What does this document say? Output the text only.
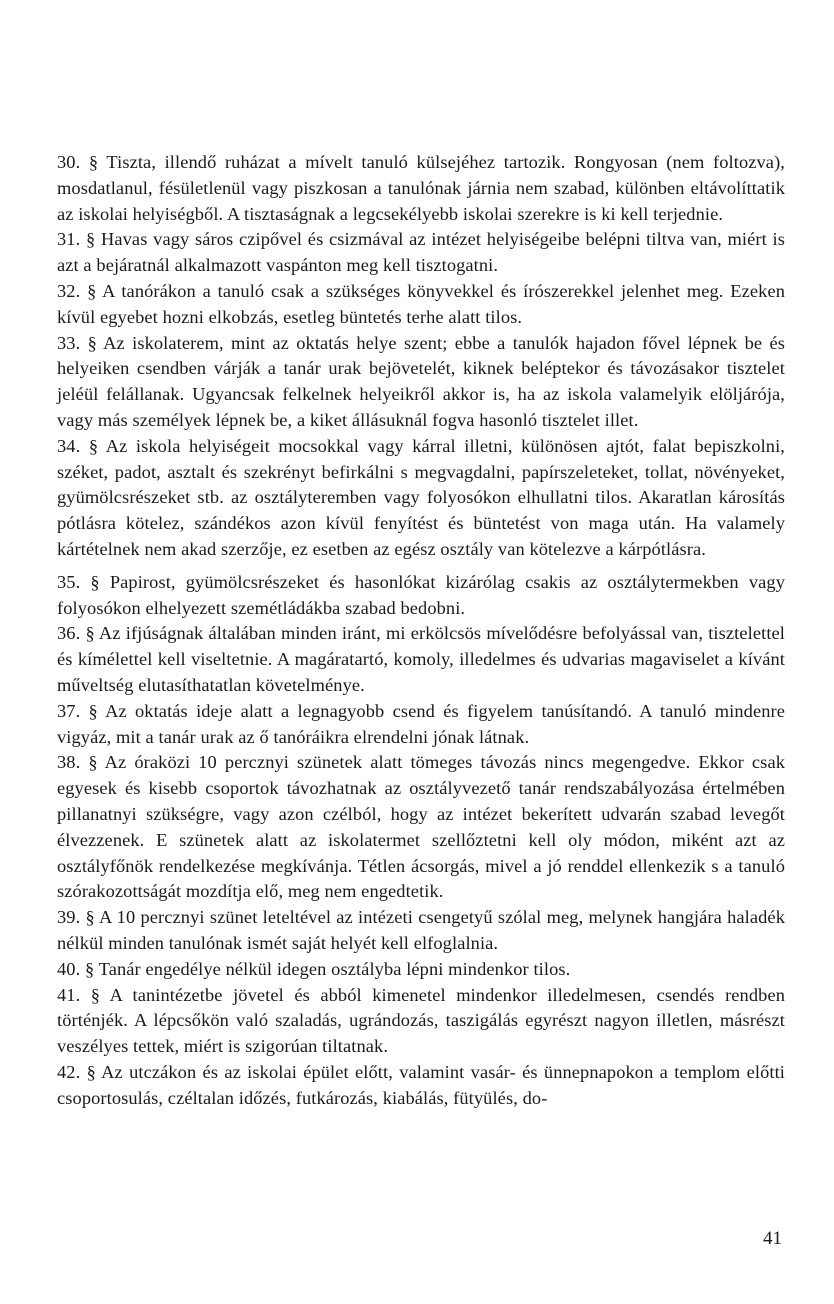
30. § Tiszta, illendő ruházat a mívelt tanuló külsejéhez tartozik. Rongyosan (nem foltozva), mosdatlanul, fésületlenül vagy piszkosan a tanulónak járnia nem szabad, különben eltávolíttatik az iskolai helyiségből. A tisztaságnak a legcsekélyebb iskolai szerekre is ki kell terjednie.

31. § Havas vagy sáros czipővel és csizmával az intézet helyiségeibe belépni tiltva van, miért is azt a bejáratnál alkalmazott vaspánton meg kell tisztogatni.

32. § A tanórákon a tanuló csak a szükséges könyvekkel és írószerekkel jelenhet meg. Ezeken kívül egyebet hozni elkobzás, esetleg büntetés terhe alatt tilos.

33. § Az iskolaterem, mint az oktatás helye szent; ebbe a tanulók hajadon fővel lépnek be és helyeiken csendben várják a tanár urak bejövetelét, kiknek beléptekor és távozásakor tisztelet jeléül felállanak. Ugyancsak felkelnek helyeikről akkor is, ha az iskola valamelyik elöljárója, vagy más személyek lépnek be, a kiket állásuknál fogva hasonló tisztelet illet.

34. § Az iskola helyiségeit mocsokkal vagy kárral illetni, különösen ajtót, falat bepiszkolni, széket, padot, asztalt és szekrényt befirkálni s megvagdalni, papírszeleteket, tollat, növényeket, gyümölcsrészeket stb. az osztályteremben vagy folyosókon elhullatni tilos. Akaratlan károsítás pótlásra kötelez, szándékos azon kívül fenyítést és büntetést von maga után. Ha valamely kártételnek nem akad szerzője, ez esetben az egész osztály van kötelezve a kárpótlásra.

35. § Papirost, gyümölcsrészeket és hasonlókat kizárólag csakis az osztálytermekben vagy folyosókon elhelyezett szemétládákba szabad bedobni.

36. § Az ifjúságnak általában minden iránt, mi erkölcsös mívelődésre befolyással van, tisztelettel és kímélettel kell viseltetnie. A magáratartó, komoly, illedelmes és udvarias magaviselet a kívánt műveltség elutasíthatatlan követelménye.

37. § Az oktatás ideje alatt a legnagyobb csend és figyelem tanúsítandó. A tanuló mindenre vigyáz, mit a tanár urak az ő tanóráikra elrendelni jónak látnak.

38. § Az óraközi 10 percznyi szünetek alatt tömeges távozás nincs megengedve. Ekkor csak egyesek és kisebb csoportok távozhatnak az osztályvezető tanár rendszabályozása értelmében pillanatnyi szükségre, vagy azon czélból, hogy az intézet bekerített udvarán szabad levegőt élvezzenek. E szünetek alatt az iskolatermet szellőztetni kell oly módon, miként azt az osztályfőnök rendelkezése megkívánja. Tétlen ácsorgás, mivel a jó renddel ellenkezik s a tanuló szórakozottságát mozdítja elő, meg nem engedtetik.

39. § A 10 percznyi szünet leteltével az intézeti csengetyű szólal meg, melynek hangjára haladék nélkül minden tanulónak ismét saját helyét kell elfoglalnia.

40. § Tanár engedélye nélkül idegen osztályba lépni mindenkor tilos.

41. § A tanintézetbe jövetel és abból kimenetel mindenkor illedelmesen, csendés rendben történjék. A lépcsőkön való szaladás, ugrándozás, taszigálás egyrészt nagyon illetlen, másrészt veszélyes tettek, miért is szigorúan tiltatnak.

42. § Az utczákon és az iskolai épület előtt, valamint vasár- és ünnepnapokon a templom előtti csoportosulás, czéltalan időzés, futkározás, kiabálás, fütyülés, do-

41
